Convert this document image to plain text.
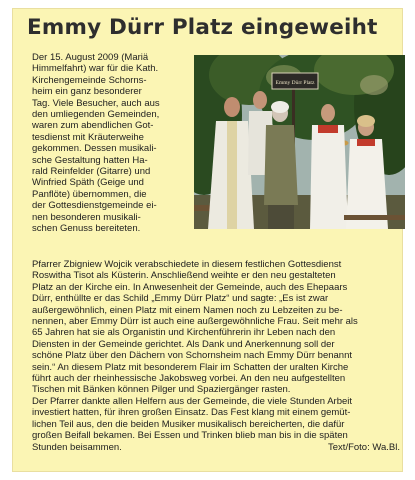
Emmy Dürr Platz eingeweiht
Der 15. August 2009 (Mariä
Himmelfahrt) war für die Kath.
Kirchengemeinde Schorns-
heim ein ganz besonderer
Tag. Viele Besucher, auch aus
den umliegenden Gemeinden,
waren zum abendlichen Got-
tesdienst mit Kräuterweihe
gekommen. Dessen musikali-
sche Gestaltung hatten Ha-
rald Reinfelder (Gitarre) und
Winfried Späth (Geige und
Panflöte) übernommen, die
der Gottesdienstgemeinde ei-
nen besonderen musikali-
schen Genuss bereiteten.
Emmy Dürr Platz
Pfarrer Zbigniew Wojcik verabschiedete in diesem festlichen Gottesdienst
Roswitha Tisot als Küsterin. Anschließend weihte er den neu gestalteten
Platz an der Kirche ein. In Anwesenheit der Gemeinde, auch des Ehepaars
Dürr, enthüllte er das Schild „Emmy Dürr Platz“ und sagte: „Es ist zwar
außergewöhnlich, einen Platz mit einem Namen noch zu Lebzeiten zu be-
nennen, aber Emmy Dürr ist auch eine außergewöhnliche Frau. Seit mehr als
65 Jahren hat sie als Organistin und Kirchenführerin ihr Leben nach den
Diensten in der Gemeinde gerichtet. Als Dank und Anerkennung soll der
schöne Platz über den Dächern von Schornsheim nach Emmy Dürr benannt
sein.“ An diesem Platz mit besonderem Flair im Schatten der uralten Kirche
führt auch der rheinhessische Jakobsweg vorbei. An den neu aufgestellten
Tischen mit Bänken können Pilger und Spaziergänger rasten.
Der Pfarrer dankte allen Helfern aus der Gemeinde, die viele Stunden Arbeit
investiert hatten, für ihren großen Einsatz. Das Fest klang mit einem gemüt-
lichen Teil aus, den die beiden Musiker musikalisch bereicherten, die dafür
großen Beifall bekamen. Bei Essen und Trinken blieb man bis in die späten
Stunden beisammen.	Text/Foto: Wa.Bl.
